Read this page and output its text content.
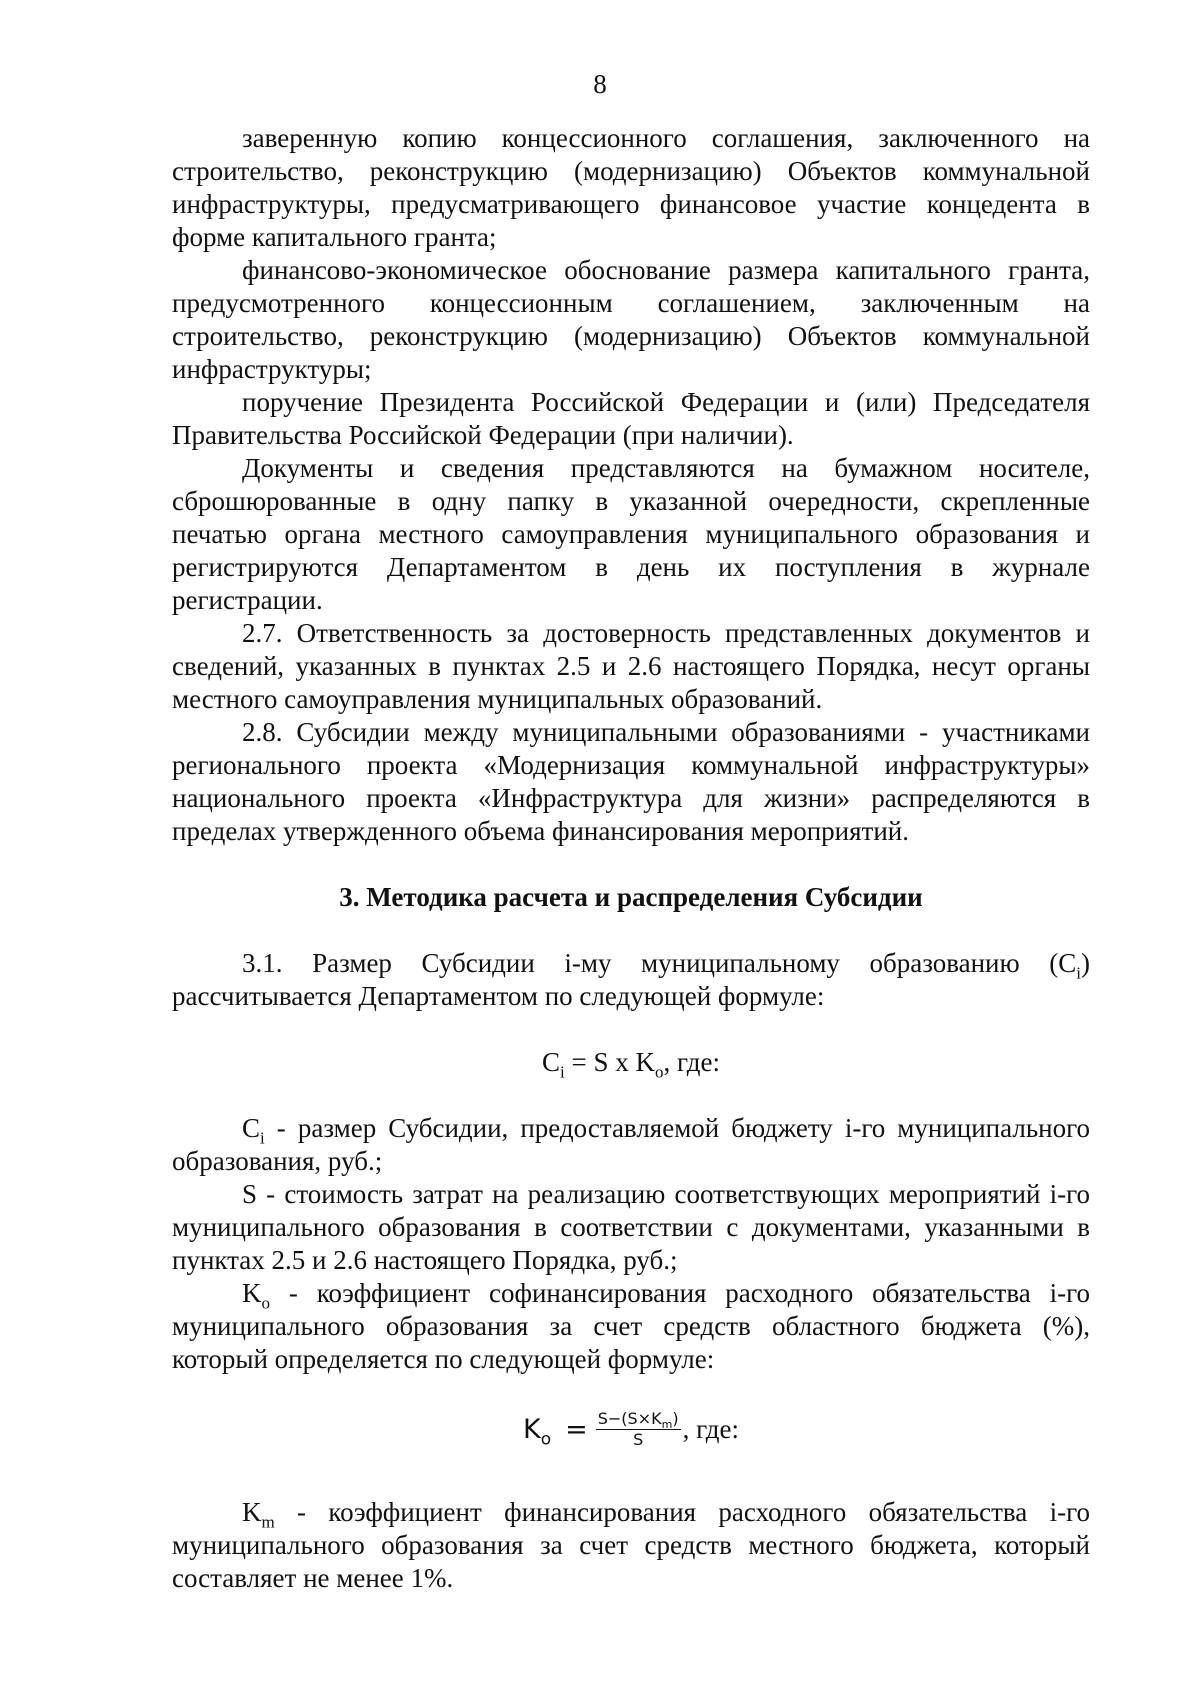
8

заверенную копию концессионного соглашения, заключенного на строительство, реконструкцию (модернизацию) Объектов коммунальной инфраструктуры, предусматривающего финансовое участие концедента в форме капитального гранта;

финансово-экономическое обоснование размера капитального гранта, предусмотренного концессионным соглашением, заключенным на строительство, реконструкцию (модернизацию) Объектов коммунальной инфраструктуры;

поручение Президента Российской Федерации и (или) Председателя Правительства Российской Федерации (при наличии).

Документы и сведения представляются на бумажном носителе, сброшюрованные в одну папку в указанной очередности, скрепленные печатью органа местного самоуправления муниципального образования и регистрируются Департаментом в день их поступления в журнале регистрации.

2.7. Ответственность за достоверность представленных документов и сведений, указанных в пунктах 2.5 и 2.6 настоящего Порядка, несут органы местного самоуправления муниципальных образований.

2.8. Субсидии между муниципальными образованиями - участниками регионального проекта «Модернизация коммунальной инфраструктуры» национального проекта «Инфраструктура для жизни» распределяются в пределах утвержденного объема финансирования мероприятий.

3. Методика расчета и распределения Субсидии

3.1. Размер Субсидии i-му муниципальному образованию $(C_i)$ рассчитывается Департаментом по следующей формуле:

$C_i = S$ x $K_o$, где:

$C_i$ - размер Субсидии, предоставляемой бюджету i-го муниципального образования, руб.;

S - стоимость затрат на реализацию соответствующих мероприятий i-го муниципального образования в соответствии с документами, указанными в пунктах 2.5 и 2.6 настоящего Порядка, руб.;

$K_o$ - коэффициент софинансирования расходного обязательства i-го муниципального образования за счет средств областного бюджета (%), который определяется по следующей формуле:

$K_o = \frac{S-(S\times K_m)}{S}$ , где:

$K_m$ - коэффициент финансирования расходного обязательства i-го муниципального образования за счет средств местного бюджета, который составляет не менее 1%.
